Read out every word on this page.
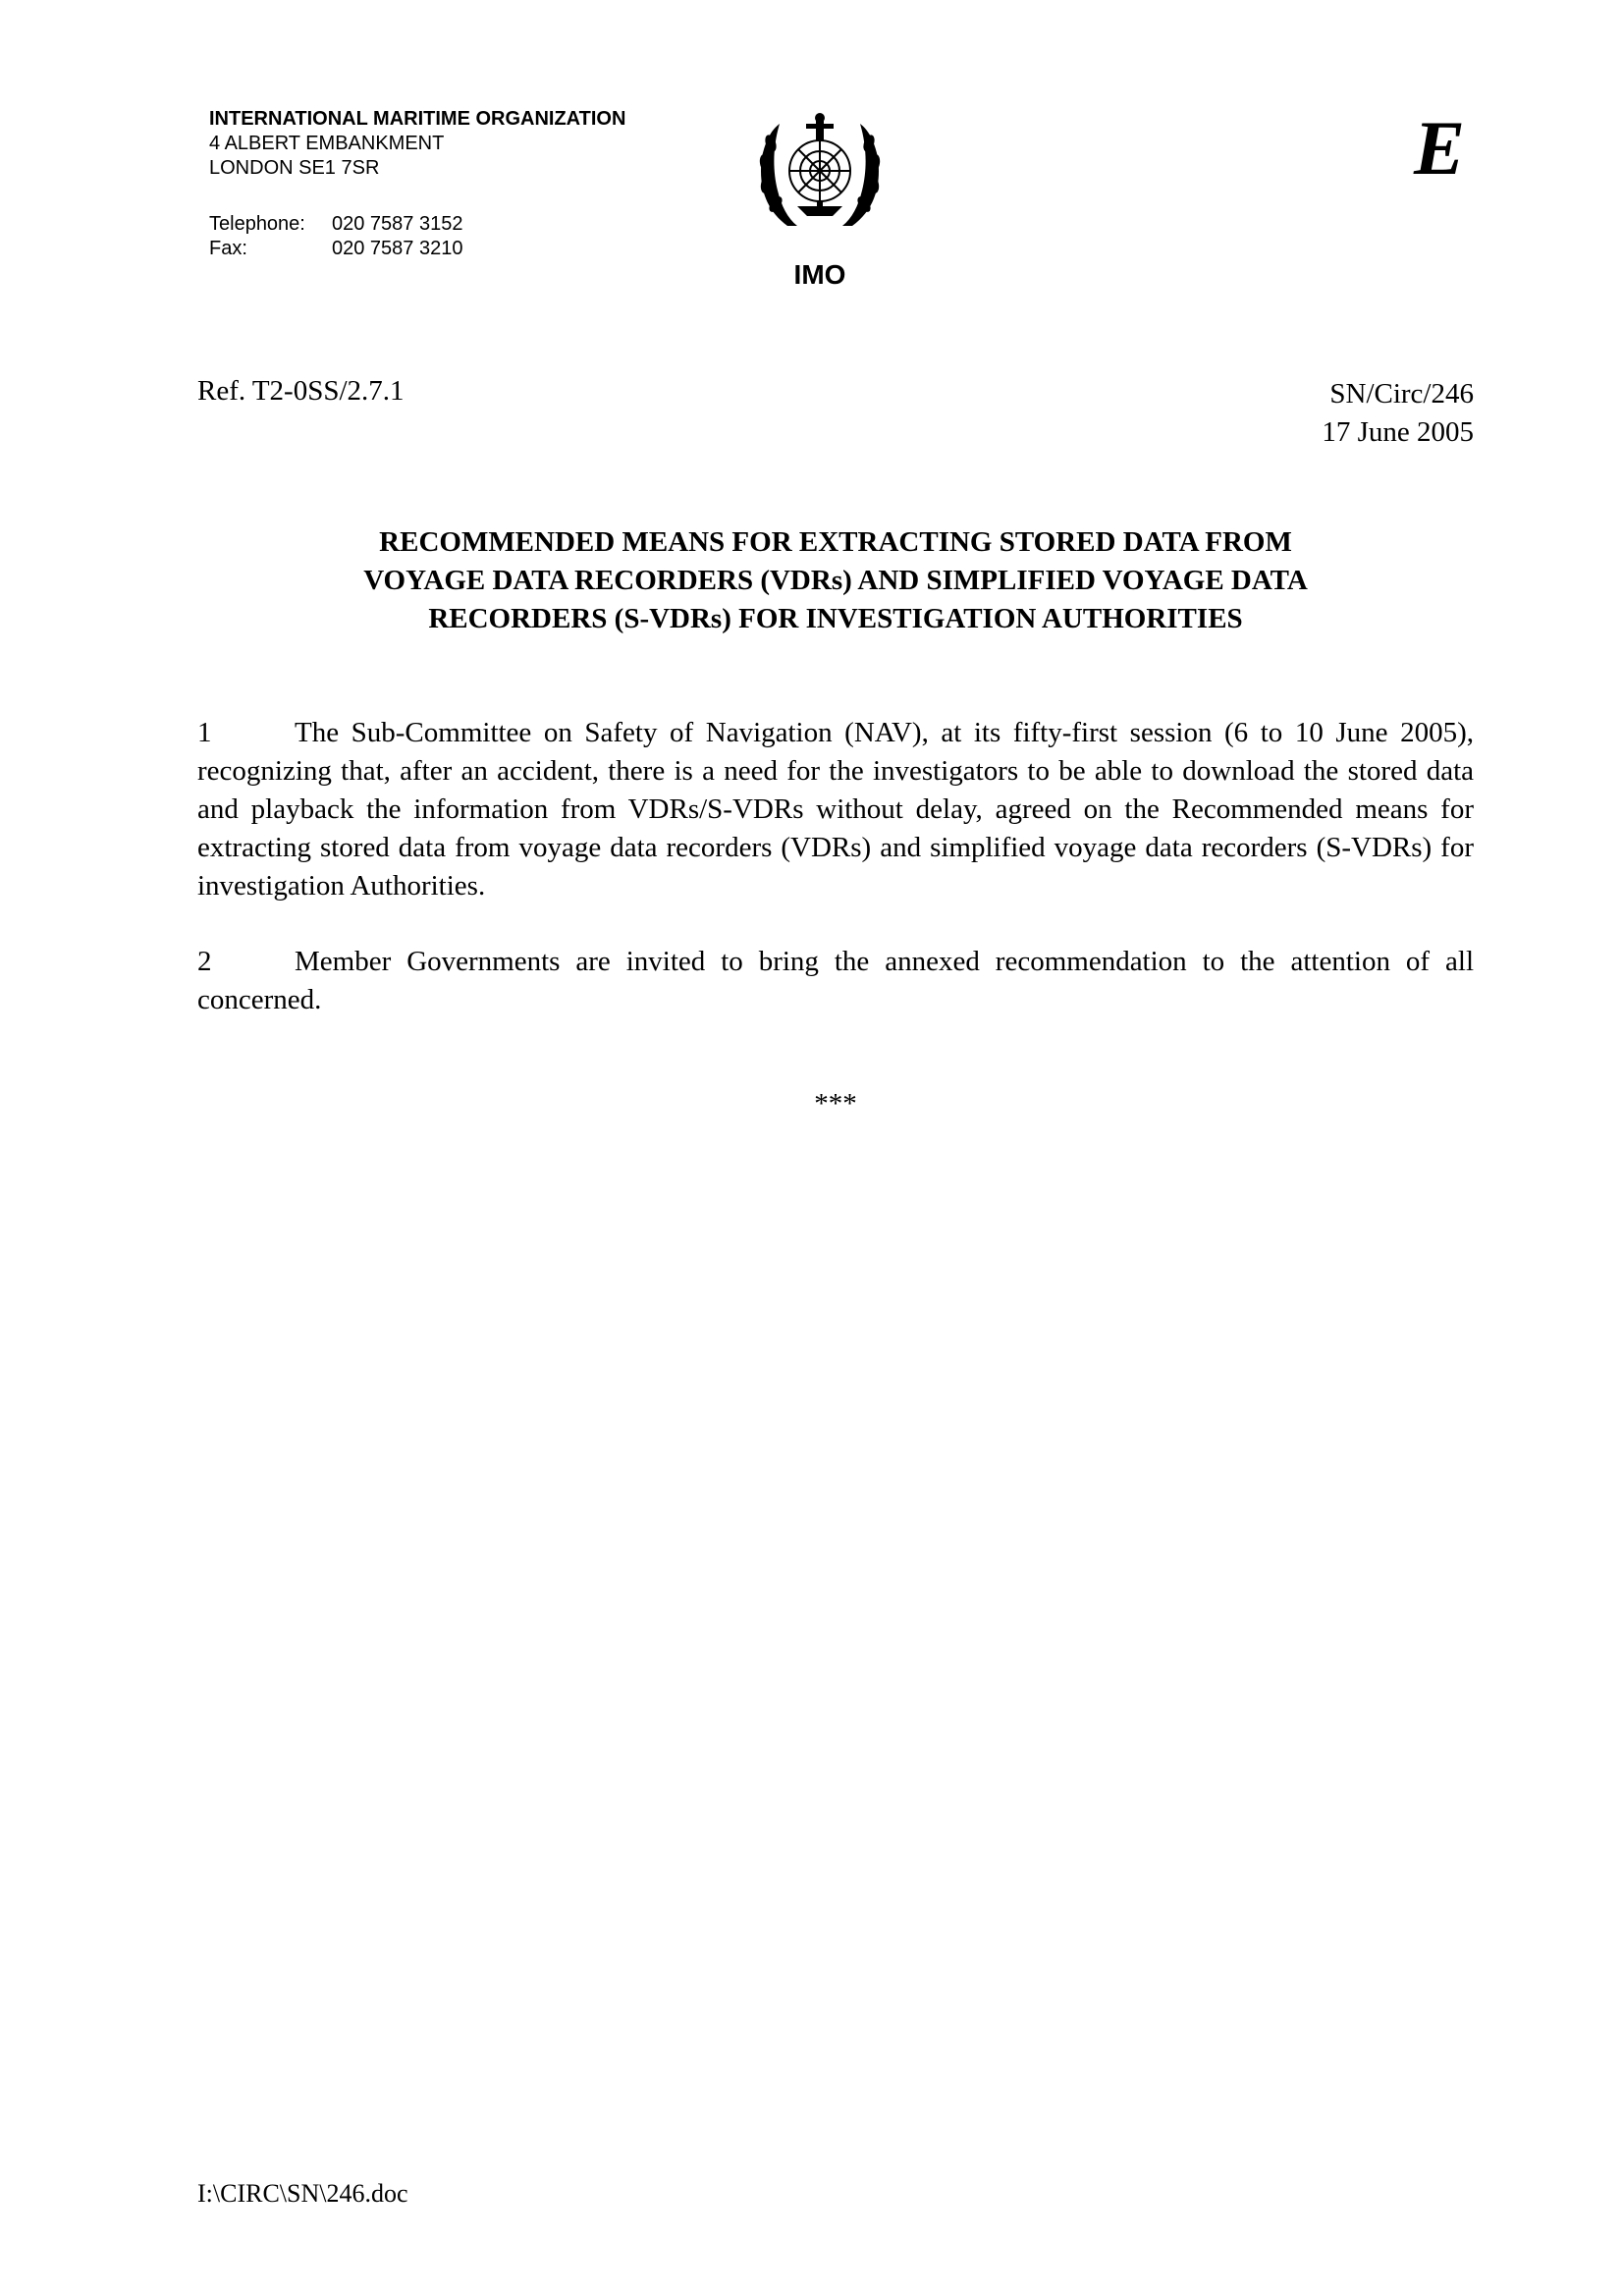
INTERNATIONAL MARITIME ORGANIZATION
4 ALBERT EMBANKMENT
LONDON SE1 7SR
Telephone:	020 7587 3152
Fax:	020 7587 3210
IMO
E
Ref. T2-0SS/2.7.1	SN/Circ/246
17 June 2005
RECOMMENDED MEANS FOR EXTRACTING STORED DATA FROM
VOYAGE DATA RECORDERS (VDRs) AND SIMPLIFIED VOYAGE DATA
RECORDERS (S-VDRs) FOR INVESTIGATION AUTHORITIES

1	The Sub-Committee on Safety of Navigation (NAV), at its fifty-first session (6 to 10 June 2005), recognizing that, after an accident, there is a need for the investigators to be able to download the stored data and playback the information from VDRs/S-VDRs without delay, agreed on the Recommended means for extracting stored data from voyage data recorders (VDRs) and simplified voyage data recorders (S-VDRs) for investigation Authorities.

2	Member Governments are invited to bring the annexed recommendation to the attention of all concerned.

***
I:\CIRC\SN\246.doc
